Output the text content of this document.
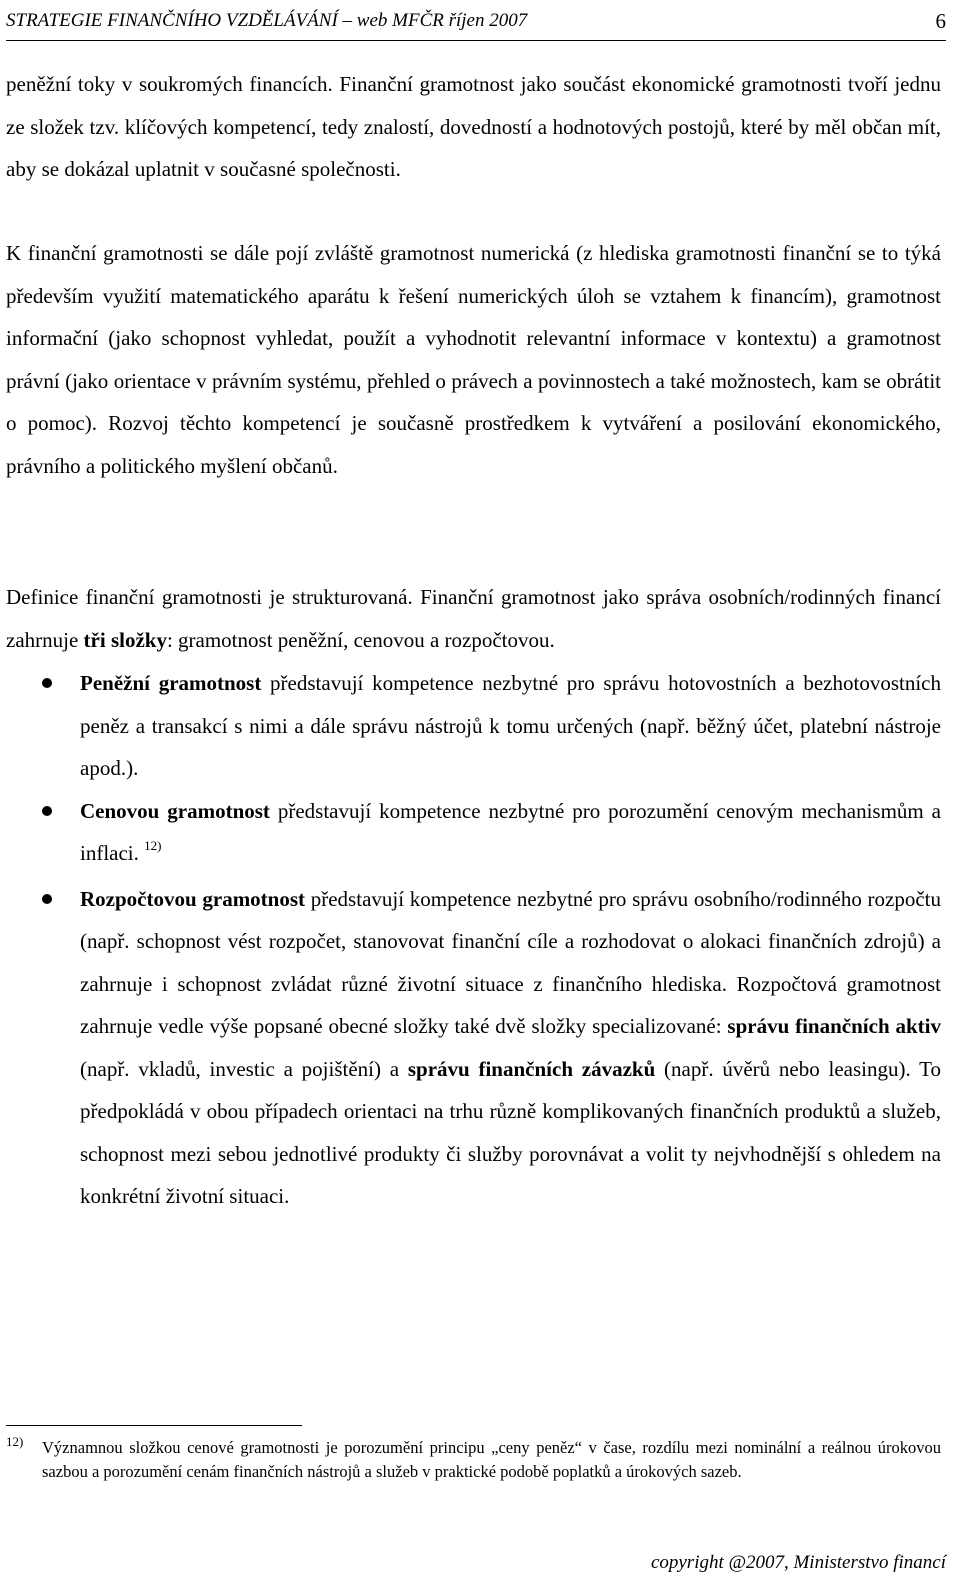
STRATEGIE FINANČNÍHO VZDĚLÁVÁNÍ – web MFČR říjen 2007	6

peněžní toky v soukromých financích. Finanční gramotnost jako součást ekonomické gramotnosti tvoří jednu ze složek tzv. klíčových kompetencí, tedy znalostí, dovedností a hodnotových postojů, které by měl občan mít, aby se dokázal uplatnit v současné společnosti.

K finanční gramotnosti se dále pojí zvláště gramotnost numerická (z hlediska gramotnosti finanční se to týká především využití matematického aparátu k řešení numerických úloh se vztahem k financím), gramotnost informační (jako schopnost vyhledat, použít a vyhodnotit relevantní informace v kontextu) a gramotnost právní (jako orientace v právním systému, přehled o právech a povinnostech a také možnostech, kam se obrátit o pomoc). Rozvoj těchto kompetencí je současně prostředkem k vytváření a posilování ekonomického, právního a politického myšlení občanů.

Definice finanční gramotnosti je strukturovaná. Finanční gramotnost jako správa osobních/rodinných financí zahrnuje tři složky: gramotnost peněžní, cenovou a rozpočtovou.

Peněžní gramotnost představují kompetence nezbytné pro správu hotovostních a bezhotovostních peněz a transakcí s nimi a dále správu nástrojů k tomu určených (např. běžný účet, platební nástroje apod.).
Cenovou gramotnost představují kompetence nezbytné pro porozumění cenovým mechanismům a inflaci. $^{12)}$
Rozpočtovou gramotnost představují kompetence nezbytné pro správu osobního/rodinného rozpočtu (např. schopnost vést rozpočet, stanovovat finanční cíle a rozhodovat o alokaci finančních zdrojů) a zahrnuje i schopnost zvládat různé životní situace z finančního hlediska. Rozpočtová gramotnost zahrnuje vedle výše popsané obecné složky také dvě složky specializované: správu finančních aktiv (např. vkladů, investic a pojištění) a správu finančních závazků (např. úvěrů nebo leasingu). To předpokládá v obou případech orientaci na trhu různě komplikovaných finančních produktů a služeb, schopnost mezi sebou jednotlivé produkty či služby porovnávat a volit ty nejvhodnější s ohledem na konkrétní životní situaci.
12) Významnou složkou cenové gramotnosti je porozumění principu „ceny peněz“ v čase, rozdílu mezi nominální a reálnou úrokovou sazbou a porozumění cenám finančních nástrojů a služeb v praktické podobě poplatků a úrokových sazeb.
copyright @2007, Ministerstvo financí
